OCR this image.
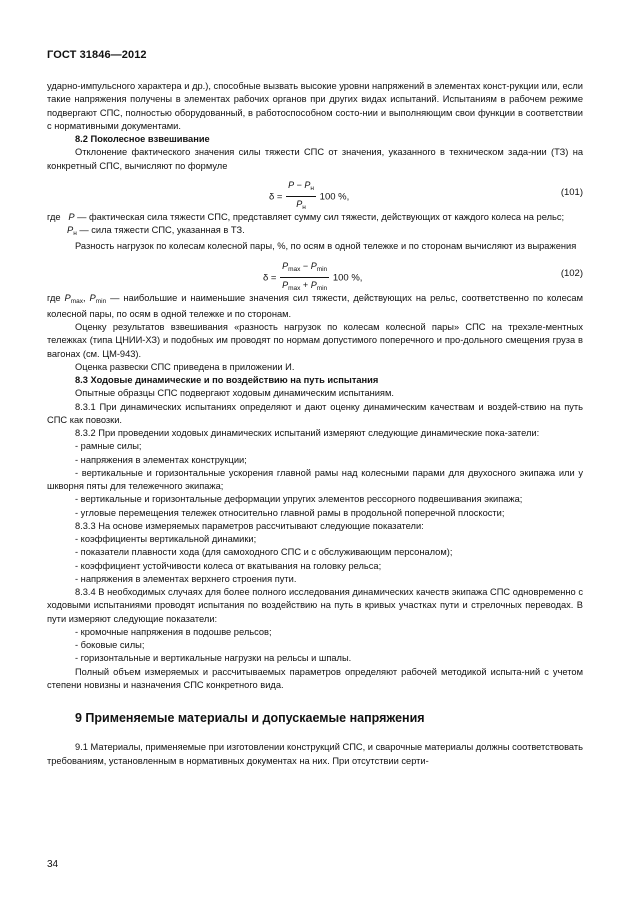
ГОСТ 31846—2012

ударно-импульсного характера и др.), способные вызвать высокие уровни напряжений в элементах конст-рукции или, если такие напряжения получены в элементах рабочих органов при других видах испытаний. Испытаниям в рабочем режиме подвергают СПС, полностью оборудованный, в работоспособном состо-нии и выполняющим свои функции в соответствии с нормативными документами.

8.2 Поколесное взвешивание

Отклонение фактического значения силы тяжести СПС от значения, указанного в техническом зада-нии (ТЗ) на конкретный СПС, вычисляют по формуле

$\delta = \frac{P - P_н}{P_н} 100$ %,	(101)

где P — фактическая сила тяжести СПС, представляет сумму сил тяжести, действующих от каждого колеса на рельс;

$P_н$ — сила тяжести СПС, указанная в ТЗ.

Разность нагрузок по колесам колесной пары, %, по осям в одной тележке и по сторонам вычисляют из выражения

$\delta = \frac{P_{max} - P_{min}}{P_{max} + P_{min}} 100$ %,	(102)

где $P_{max}$, $P_{min}$ — наибольшие и наименьшие значения сил тяжести, действующих на рельс, соответственно по колесам колесной пары, по осям в одной тележке и по сторонам.

Оценку результатов взвешивания «разность нагрузок по колесам колесной пары» СПС на трехэле-ментных тележках (типа ЦНИИ-ХЗ) и подобных им проводят по нормам допустимого поперечного и про-дольного смещения груза в вагонах (см. ЦМ-943).

Оценка развески СПС приведена в приложении И.

8.3 Ходовые динамические и по воздействию на путь испытания

Опытные образцы СПС подвергают ходовым динамическим испытаниям.

8.3.1 При динамических испытаниях определяют и дают оценку динамическим качествам и воздей-ствию на путь СПС как повозки.

8.3.2 При проведении ходовых динамических испытаний измеряют следующие динамические пока-затели:

- рамные силы;

- напряжения в элементах конструкции;

- вертикальные и горизонтальные ускорения главной рамы над колесными парами для двухосного экипажа или у шкворня пяты для тележечного экипажа;

- вертикальные и горизонтальные деформации упругих элементов рессорного подвешивания экипажа;

- угловые перемещения тележек относительно главной рамы в продольной поперечной плоскости;

8.3.3 На основе измеряемых параметров рассчитывают следующие показатели:

- коэффициенты вертикальной динамики;

- показатели плавности хода (для самоходного СПС и с обслуживающим персоналом);

- коэффициент устойчивости колеса от вкатывания на головку рельса;

- напряжения в элементах верхнего строения пути.

8.3.4 В необходимых случаях для более полного исследования динамических качеств экипажа СПС одновременно с ходовыми испытаниями проводят испытания по воздействию на путь в кривых участках пути и стрелочных переводах. В пути измеряют следующие показатели:

- кромочные напряжения в подошве рельсов;

- боковые силы;

- горизонтальные и вертикальные нагрузки на рельсы и шпалы.

Полный объем измеряемых и рассчитываемых параметров определяют рабочей методикой испыта-ний с учетом степени новизны и назначения СПС конкретного вида.

9 Применяемые материалы и допускаемые напряжения

9.1 Материалы, применяемые при изготовлении конструкций СПС, и сварочные материалы должны соответствовать требованиям, установленным в нормативных документах на них. При отсутствии серти-

34
